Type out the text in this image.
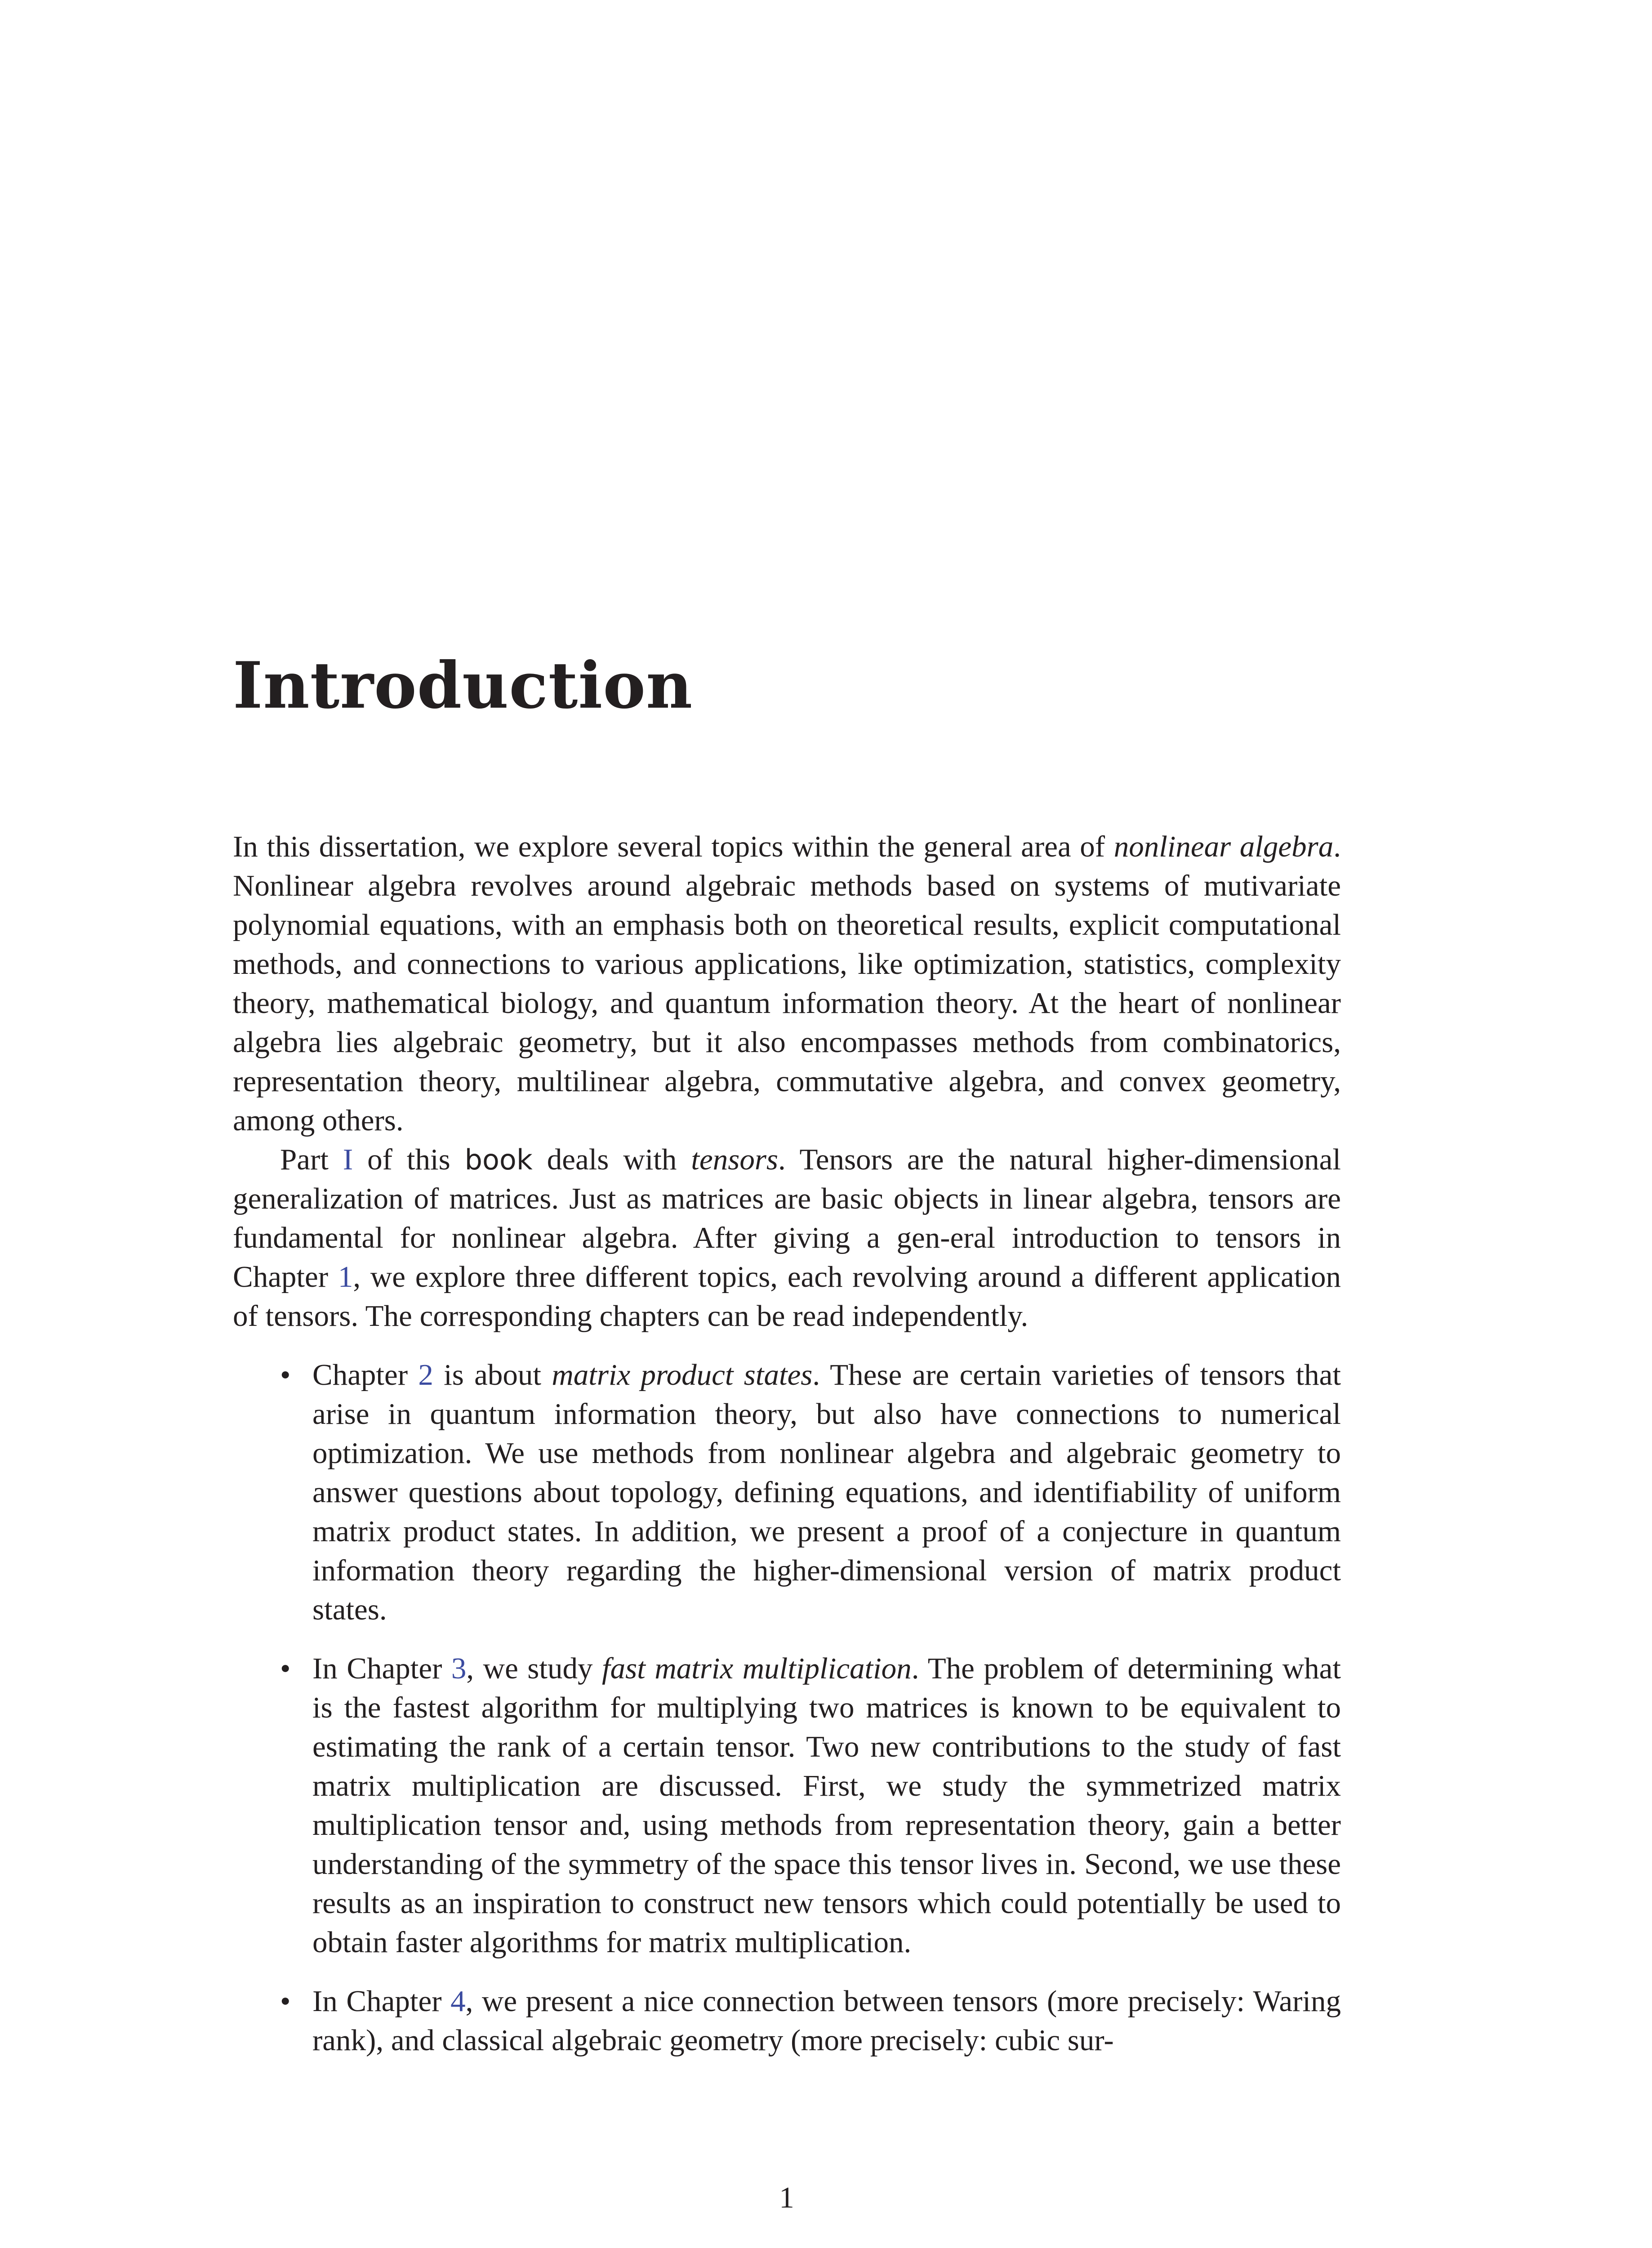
Introduction

In this dissertation, we explore several topics within the general area of nonlinear algebra. Nonlinear algebra revolves around algebraic methods based on systems of mutivariate polynomial equations, with an emphasis both on theoretical results, explicit computational methods, and connections to various applications, like optimization, statistics, complexity theory, mathematical biology, and quantum information theory. At the heart of nonlinear algebra lies algebraic geometry, but it also encompasses methods from combinatorics, representation theory, multilinear algebra, commutative algebra, and convex geometry, among others.

Part I of this book deals with tensors. Tensors are the natural higher-dimensional generalization of matrices. Just as matrices are basic objects in linear algebra, tensors are fundamental for nonlinear algebra. After giving a gen-eral introduction to tensors in Chapter 1, we explore three different topics, each revolving around a different application of tensors. The corresponding chapters can be read independently.

• Chapter 2 is about matrix product states. These are certain varieties of tensors that arise in quantum information theory, but also have connections to numerical optimization. We use methods from nonlinear algebra and algebraic geometry to answer questions about topology, defining equations, and identifiability of uniform matrix product states. In addition, we present a proof of a conjecture in quantum information theory regarding the higher-dimensional version of matrix product states.
• In Chapter 3, we study fast matrix multiplication. The problem of determining what is the fastest algorithm for multiplying two matrices is known to be equivalent to estimating the rank of a certain tensor. Two new contributions to the study of fast matrix multiplication are discussed. First, we study the symmetrized matrix multiplication tensor and, using methods from representation theory, gain a better understanding of the symmetry of the space this tensor lives in. Second, we use these results as an inspiration to construct new tensors which could potentially be used to obtain faster algorithms for matrix multiplication.
• In Chapter 4, we present a nice connection between tensors (more precisely: Waring rank), and classical algebraic geometry (more precisely: cubic sur-
1
